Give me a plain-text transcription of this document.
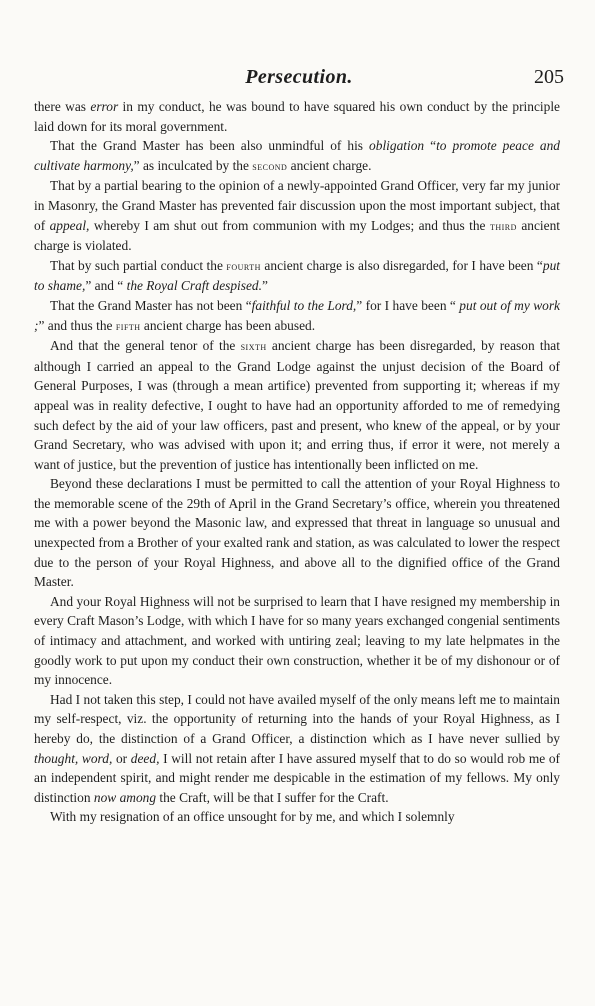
Persecution.	205

there was error in my conduct, he was bound to have squared his own conduct by the principle laid down for its moral government.

That the Grand Master has been also unmindful of his obligation “to promote peace and cultivate harmony,” as inculcated by the second ancient charge.

That by a partial bearing to the opinion of a newly-appointed Grand Officer, very far my junior in Masonry, the Grand Master has prevented fair discussion upon the most important subject, that of appeal, whereby I am shut out from communion with my Lodges; and thus the third ancient charge is violated.

That by such partial conduct the fourth ancient charge is also disregarded, for I have been “put to shame,” and “ the Royal Craft despised.”

That the Grand Master has not been “faithful to the Lord,” for I have been “ put out of my work ;” and thus the fifth ancient charge has been abused.

And that the general tenor of the sixth ancient charge has been disregarded, by reason that although I carried an appeal to the Grand Lodge against the unjust decision of the Board of General Purposes, I was (through a mean artifice) prevented from supporting it; whereas if my appeal was in reality defective, I ought to have had an opportunity afforded to me of remedying such defect by the aid of your law officers, past and present, who knew of the appeal, or by your Grand Secretary, who was advised with upon it; and erring thus, if error it were, not merely a want of justice, but the prevention of justice has intentionally been inflicted on me.

Beyond these declarations I must be permitted to call the attention of your Royal Highness to the memorable scene of the 29th of April in the Grand Secretary’s office, wherein you threatened me with a power beyond the Masonic law, and expressed that threat in language so unusual and unexpected from a Brother of your exalted rank and station, as was calculated to lower the respect due to the person of your Royal Highness, and above all to the dignified office of the Grand Master.

And your Royal Highness will not be surprised to learn that I have resigned my membership in every Craft Mason’s Lodge, with which I have for so many years exchanged congenial sentiments of intimacy and attachment, and worked with untiring zeal; leaving to my late helpmates in the goodly work to put upon my conduct their own construction, whether it be of my dishonour or of my innocence.

Had I not taken this step, I could not have availed myself of the only means left me to maintain my self-respect, viz. the opportunity of returning into the hands of your Royal Highness, as I hereby do, the distinction of a Grand Officer, a distinction which as I have never sullied by thought, word, or deed, I will not retain after I have assured myself that to do so would rob me of an independent spirit, and might render me despicable in the estimation of my fellows. My only distinction now among the Craft, will be that I suffer for the Craft.

With my resignation of an office unsought for by me, and which I solemnly
